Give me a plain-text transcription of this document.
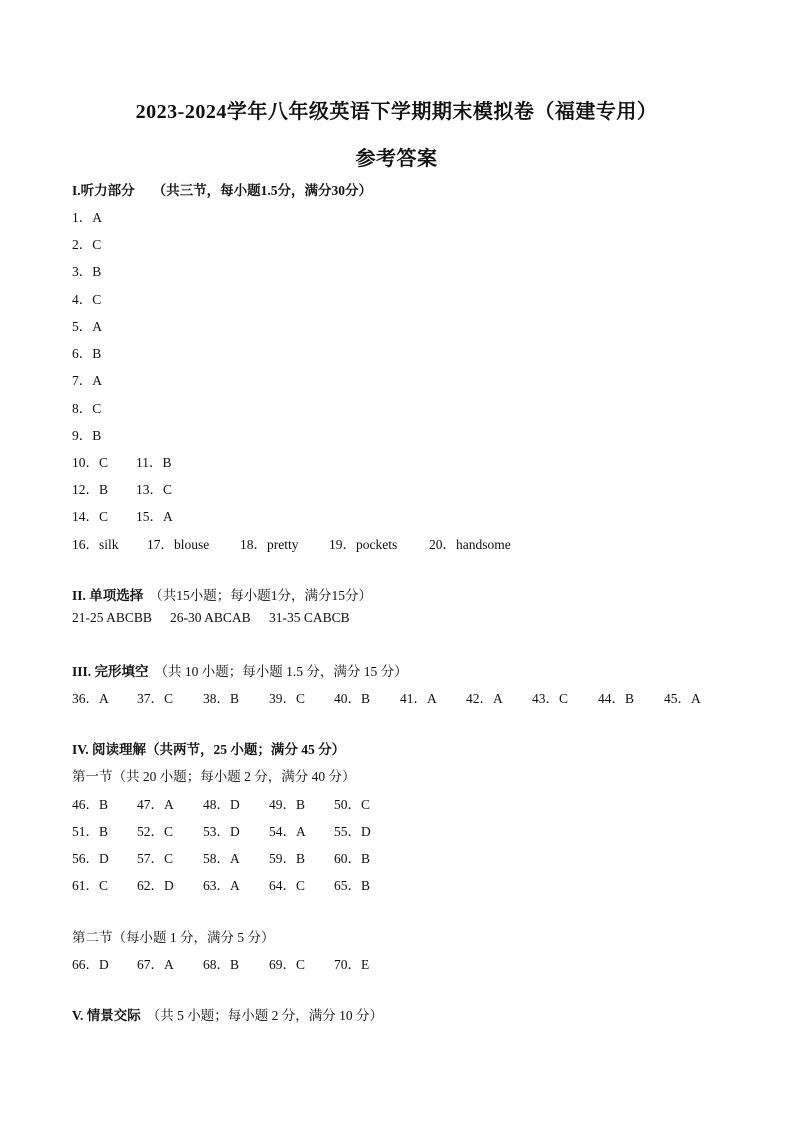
2023-2024学年八年级英语下学期期末模拟卷（福建专用）
参考答案
I.听力部分 （共三节，每小题1.5分，满分30分）
1．A
2．C
3．B
4．C
5．A
6．B
7．A
8．C
9．B
10．C 11．B
12．B 13．C
14．C 15．A
16．silk 17．blouse 18．pretty 19．pockets 20．handsome
II. 单项选择 （共15小题；每小题1分，满分15分）
21-25 ABCBB 26-30 ABCAB 31-35 CABCB
III. 完形填空 （共 10 小题；每小题 1.5 分，满分 15 分）
36．A 37．C 38．B 39．C 40．B 41．A 42．A 43．C 44．B 45．A
IV. 阅读理解（共两节，25 小题；满分 45 分）
第一节（共 20 小题；每小题 2 分，满分 40 分）
46．B 47．A 48．D 49．B 50．C
51．B 52．C 53．D 54．A 55．D
56．D 57．C 58．A 59．B 60．B
61．C 62．D 63．A 64．C 65．B
第二节（每小题 1 分，满分 5 分）
66．D 67．A 68．B 69．C 70．E
V. 情景交际 （共 5 小题；每小题 2 分，满分 10 分）
